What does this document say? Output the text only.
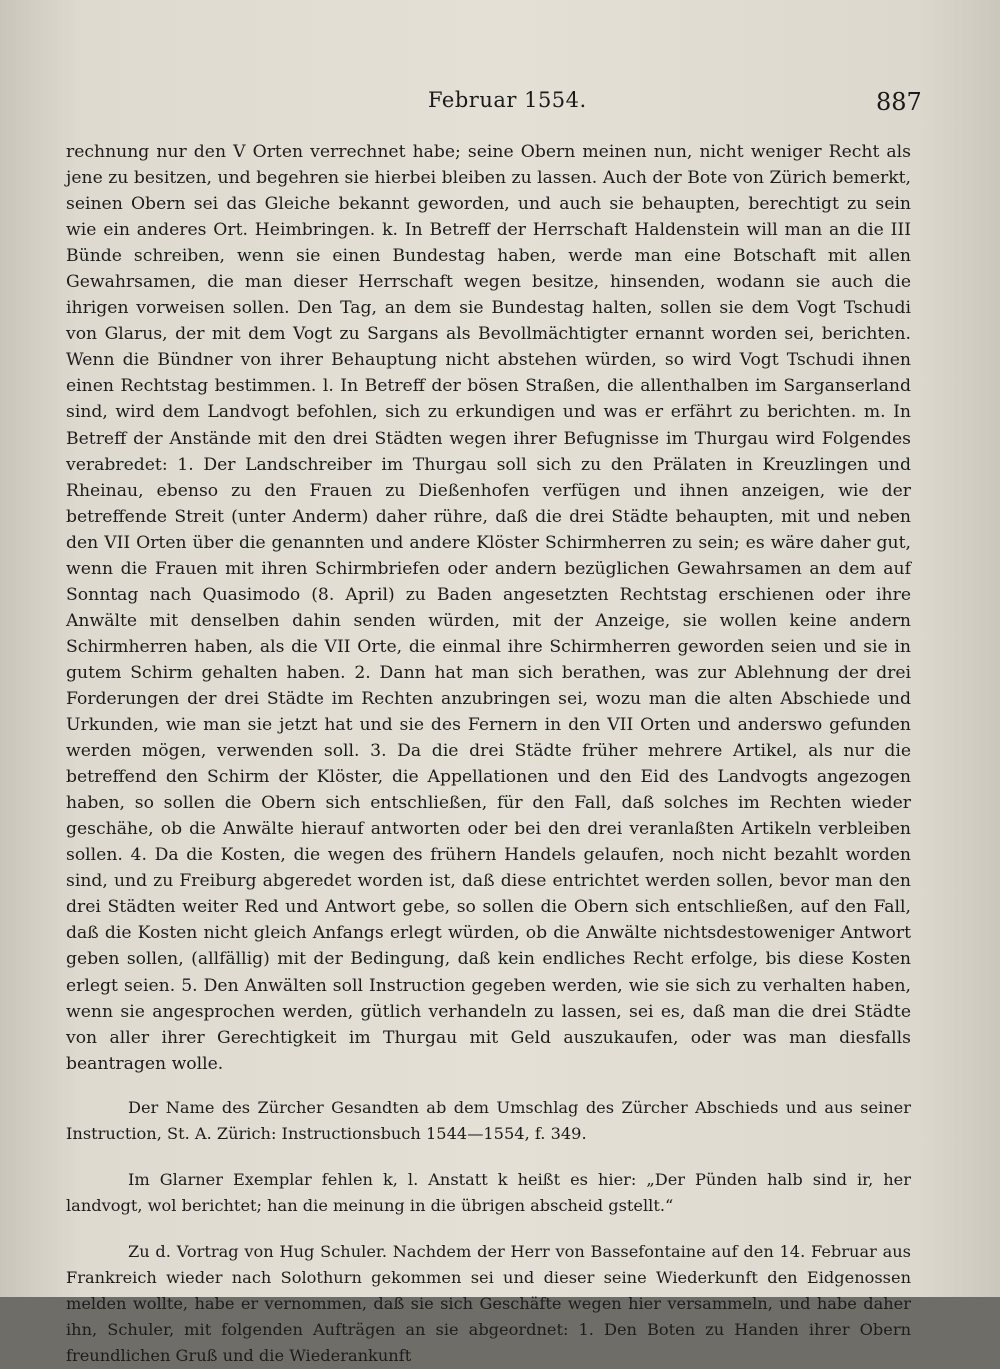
Februar 1554.	887

rechnung nur den V Orten verrechnet habe; seine Obern meinen nun, nicht weniger Recht als jene zu besitzen, und begehren sie hierbei bleiben zu lassen. Auch der Bote von Zürich bemerkt, seinen Obern sei das Gleiche bekannt geworden, und auch sie behaupten, berechtigt zu sein wie ein anderes Ort. Heimbringen. k. In Betreff der Herrschaft Haldenstein will man an die III Bünde schreiben, wenn sie einen Bundestag haben, werde man eine Botschaft mit allen Gewahrsamen, die man dieser Herrschaft wegen besitze, hinsenden, wodann sie auch die ihrigen vorweisen sollen. Den Tag, an dem sie Bundestag halten, sollen sie dem Vogt Tschudi von Glarus, der mit dem Vogt zu Sargans als Bevollmächtigter ernannt worden sei, berichten. Wenn die Bündner von ihrer Behauptung nicht abstehen würden, so wird Vogt Tschudi ihnen einen Rechtstag bestimmen. l. In Betreff der bösen Straßen, die allenthalben im Sarganserland sind, wird dem Landvogt befohlen, sich zu erkundigen und was er erfährt zu berichten. m. In Betreff der Anstände mit den drei Städten wegen ihrer Befugnisse im Thurgau wird Folgendes verabredet: 1. Der Landschreiber im Thurgau soll sich zu den Prälaten in Kreuzlingen und Rheinau, ebenso zu den Frauen zu Dießenhofen verfügen und ihnen anzeigen, wie der betreffende Streit (unter Anderm) daher rühre, daß die drei Städte behaupten, mit und neben den VII Orten über die genannten und andere Klöster Schirmherren zu sein; es wäre daher gut, wenn die Frauen mit ihren Schirmbriefen oder andern bezüglichen Gewahrsamen an dem auf Sonntag nach Quasimodo (8. April) zu Baden angesetzten Rechtstag erschienen oder ihre Anwälte mit denselben dahin senden würden, mit der Anzeige, sie wollen keine andern Schirmherren haben, als die VII Orte, die einmal ihre Schirmherren geworden seien und sie in gutem Schirm gehalten haben. 2. Dann hat man sich berathen, was zur Ablehnung der drei Forderungen der drei Städte im Rechten anzubringen sei, wozu man die alten Abschiede und Urkunden, wie man sie jetzt hat und sie des Fernern in den VII Orten und anderswo gefunden werden mögen, verwenden soll. 3. Da die drei Städte früher mehrere Artikel, als nur die betreffend den Schirm der Klöster, die Appellationen und den Eid des Landvogts angezogen haben, so sollen die Obern sich entschließen, für den Fall, daß solches im Rechten wieder geschähe, ob die Anwälte hierauf antworten oder bei den drei veranlaßten Artikeln verbleiben sollen. 4. Da die Kosten, die wegen des frühern Handels gelaufen, noch nicht bezahlt worden sind, und zu Freiburg abgeredet worden ist, daß diese entrichtet werden sollen, bevor man den drei Städten weiter Red und Antwort gebe, so sollen die Obern sich entschließen, auf den Fall, daß die Kosten nicht gleich Anfangs erlegt würden, ob die Anwälte nichtsdestoweniger Antwort geben sollen, (allfällig) mit der Bedingung, daß kein endliches Recht erfolge, bis diese Kosten erlegt seien. 5. Den Anwälten soll Instruction gegeben werden, wie sie sich zu verhalten haben, wenn sie angesprochen werden, gütlich verhandeln zu lassen, sei es, daß man die drei Städte von aller ihrer Gerechtigkeit im Thurgau mit Geld auszukaufen, oder was man diesfalls beantragen wolle.

Der Name des Zürcher Gesandten ab dem Umschlag des Zürcher Abschieds und aus seiner Instruction, St. A. Zürich: Instructionsbuch 1544—1554, f. 349.

Im Glarner Exemplar fehlen k, l. Anstatt k heißt es hier: „Der Pünden halb sind ir, her landvogt, wol berichtet; han die meinung in die übrigen abscheid gstellt.“

Zu d. Vortrag von Hug Schuler. Nachdem der Herr von Bassefontaine auf den 14. Februar aus Frankreich wieder nach Solothurn gekommen sei und dieser seine Wiederkunft den Eidgenossen melden wollte, habe er vernommen, daß sie sich Geschäfte wegen hier versammeln, und habe daher ihn, Schuler, mit folgenden Aufträgen an sie abgeordnet: 1. Den Boten zu Handen ihrer Obern freundlichen Gruß und die Wiederankunft
